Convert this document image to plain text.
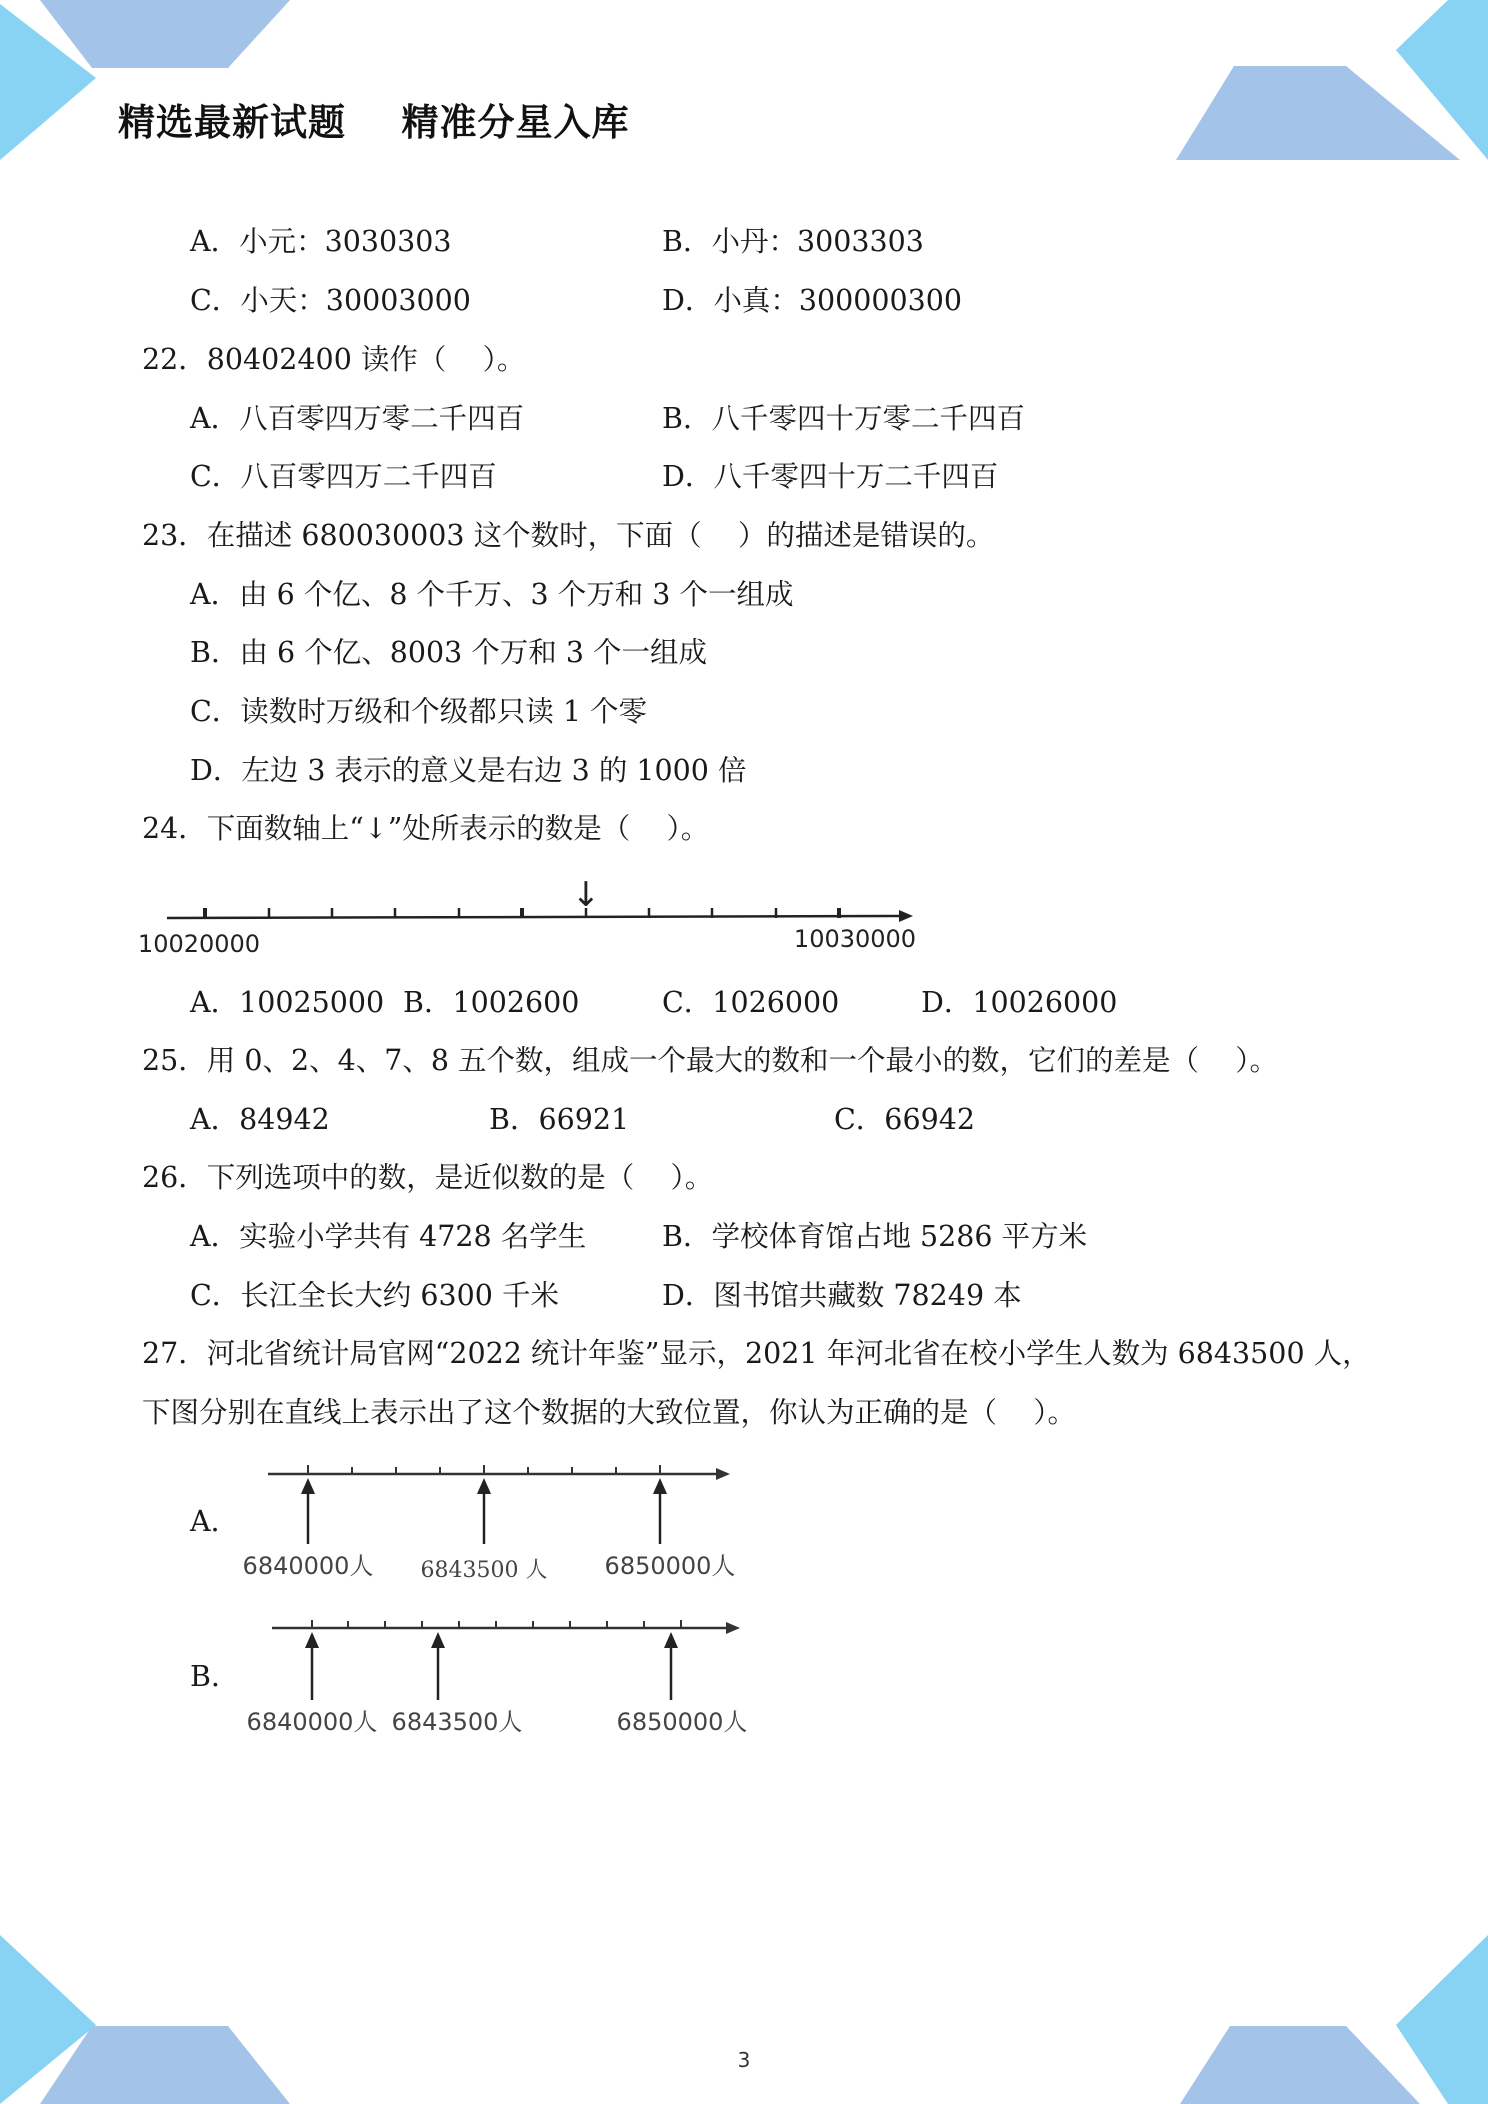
精选最新试题    精准分星入库
A．小元：3030303	B．小丹：3003303
C．小天：30003000	D．小真：300000300
22．80402400 读作（    ）。
A．八百零四万零二千四百	B．八千零四十万零二千四百
C．八百零四万二千四百	D．八千零四十万二千四百
23．在描述 680030003 这个数时，下面（    ）的描述是错误的。
A．由 6 个亿、8 个千万、3 个万和 3 个一组成
B．由 6 个亿、8003 个万和 3 个一组成
C．读数时万级和个级都只读 1 个零
D．左边 3 表示的意义是右边 3 的 1000 倍
24．下面数轴上“↓”处所表示的数是（    ）。
↓
10020000	10030000
A．10025000 B．1002600	C．1026000	D．10026000
25．用 0、2、4、7、8 五个数，组成一个最大的数和一个最小的数，它们的差是（    ）。
A．84942	B．66921	C．66942
26．下列选项中的数，是近似数的是（    ）。
A．实验小学共有 4728 名学生	B．学校体育馆占地 5286 平方米
C．长江全长大约 6300 千米	D．图书馆共藏数 78249 本
27．河北省统计局官网“2022 统计年鉴”显示，2021 年河北省在校小学生人数为 6843500 人，
下图分别在直线上表示出了这个数据的大致位置，你认为正确的是（    ）。
A．
6840000人 6843500 人 6850000人
B．
6840000人 6843500人	6850000人
3
